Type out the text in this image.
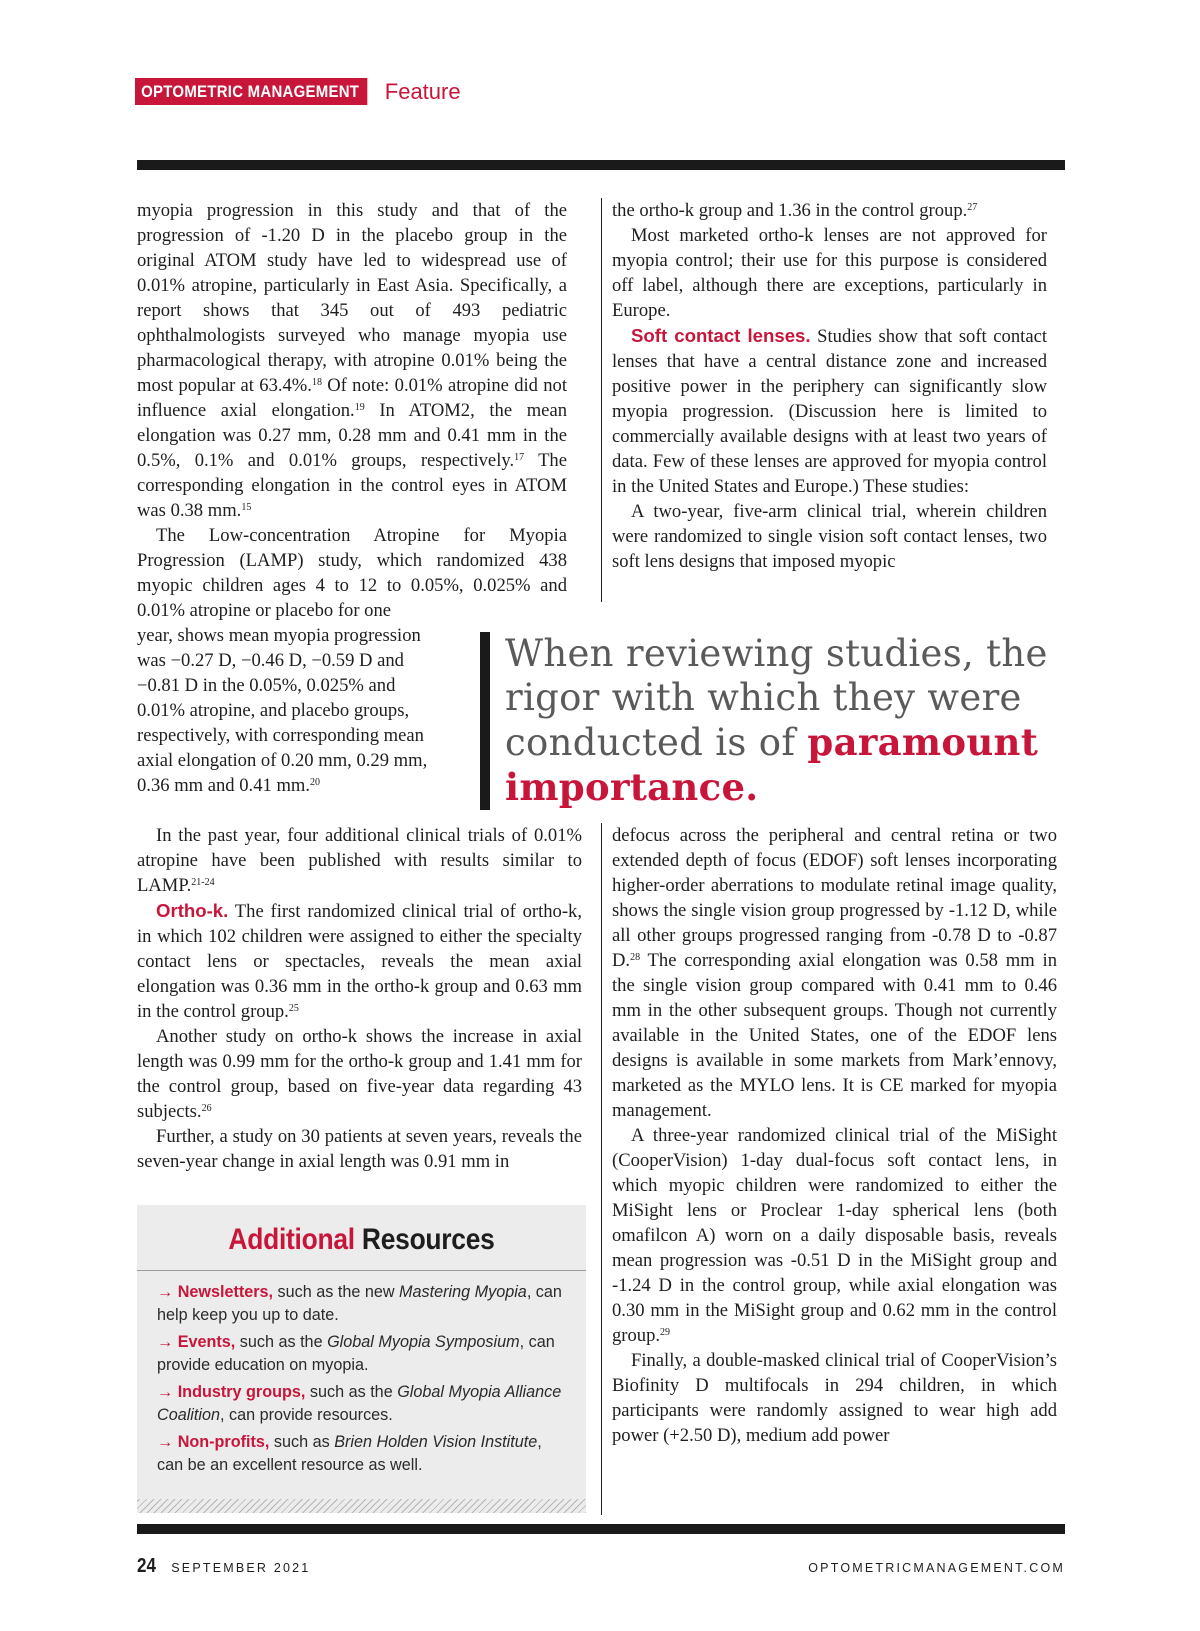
OPTOMETRIC MANAGEMENT	Feature

myopia progression in this study and that of the progression of -1.20 D in the placebo group in the original ATOM study have led to widespread use of 0.01% atropine, particularly in East Asia. Specifically, a report shows that 345 out of 493 pediatric ophthalmologists surveyed who manage myopia use pharmacological therapy, with atropine 0.01% being the most popular at 63.4%.$^{18}$ Of note: 0.01% atropine did not influence axial elongation.$^{19}$ In ATOM2, the mean elongation was 0.27 mm, 0.28 mm and 0.41 mm in the 0.5%, 0.1% and 0.01% groups, respectively.$^{17}$ The corresponding elongation in the control eyes in ATOM was 0.38 mm.$^{15}$

The Low-concentration Atropine for Myopia Progression (LAMP) study, which randomized 438 myopic children ages 4 to 12 to 0.05%, 0.025% and 0.01% atropine or placebo for one

year, shows mean myopia progression was −0.27 D, −0.46 D, −0.59 D and −0.81 D in the 0.05%, 0.025% and 0.01% atropine, and placebo groups, respectively, with corresponding mean axial elongation of 0.20 mm, 0.29 mm, 0.36 mm and 0.41 mm.$^{20}$

In the past year, four additional clinical trials of 0.01% atropine have been published with results similar to LAMP.$^{21-24}$

Ortho-k. The first randomized clinical trial of ortho-k, in which 102 children were assigned to either the specialty contact lens or spectacles, reveals the mean axial elongation was 0.36 mm in the ortho-k group and 0.63 mm in the control group.$^{25}$

Another study on ortho-k shows the increase in axial length was 0.99 mm for the ortho-k group and 1.41 mm for the control group, based on five-year data regarding 43 subjects.$^{26}$

Further, a study on 30 patients at seven years, reveals the seven-year change in axial length was 0.91 mm in

the ortho-k group and 1.36 in the control group.$^{27}$

Most marketed ortho-k lenses are not approved for myopia control; their use for this purpose is considered off label, although there are exceptions, particularly in Europe.

Soft contact lenses. Studies show that soft contact lenses that have a central distance zone and increased positive power in the periphery can significantly slow myopia progression. (Discussion here is limited to commercially available designs with at least two years of data. Few of these lenses are approved for myopia control in the United States and Europe.) These studies:

A two-year, five-arm clinical trial, wherein children were randomized to single vision soft contact lenses, two soft lens designs that imposed myopic

When reviewing studies, the rigor with which they were conducted is of paramount importance.

defocus across the peripheral and central retina or two extended depth of focus (EDOF) soft lenses incorporating higher-order aberrations to modulate retinal image quality, shows the single vision group progressed by -1.12 D, while all other groups progressed ranging from -0.78 D to -0.87 D.$^{28}$ The corresponding axial elongation was 0.58 mm in the single vision group compared with 0.41 mm to 0.46 mm in the other subsequent groups. Though not currently available in the United States, one of the EDOF lens designs is available in some markets from Mark’ennovy, marketed as the MYLO lens. It is CE marked for myopia management.

A three-year randomized clinical trial of the MiSight (CooperVision) 1-day dual-focus soft contact lens, in which myopic children were randomized to either the MiSight lens or Proclear 1-day spherical lens (both omafilcon A) worn on a daily disposable basis, reveals mean progression was -0.51 D in the MiSight group and -1.24 D in the control group, while axial elongation was 0.30 mm in the MiSight group and 0.62 mm in the control group.$^{29}$

Finally, a double-masked clinical trial of CooperVision’s Biofinity D multifocals in 294 children, in which participants were randomly assigned to wear high add power (+2.50 D), medium add power

Additional Resources
→ Newsletters, such as the new Mastering Myopia, can help keep you up to date.
→ Events, such as the Global Myopia Symposium, can provide education on myopia.
→ Industry groups, such as the Global Myopia Alliance Coalition, can provide resources.
→ Non-profits, such as Brien Holden Vision Institute, can be an excellent resource as well.
24 SEPTEMBER 2021	OPTOMETRICMANAGEMENT.COM
